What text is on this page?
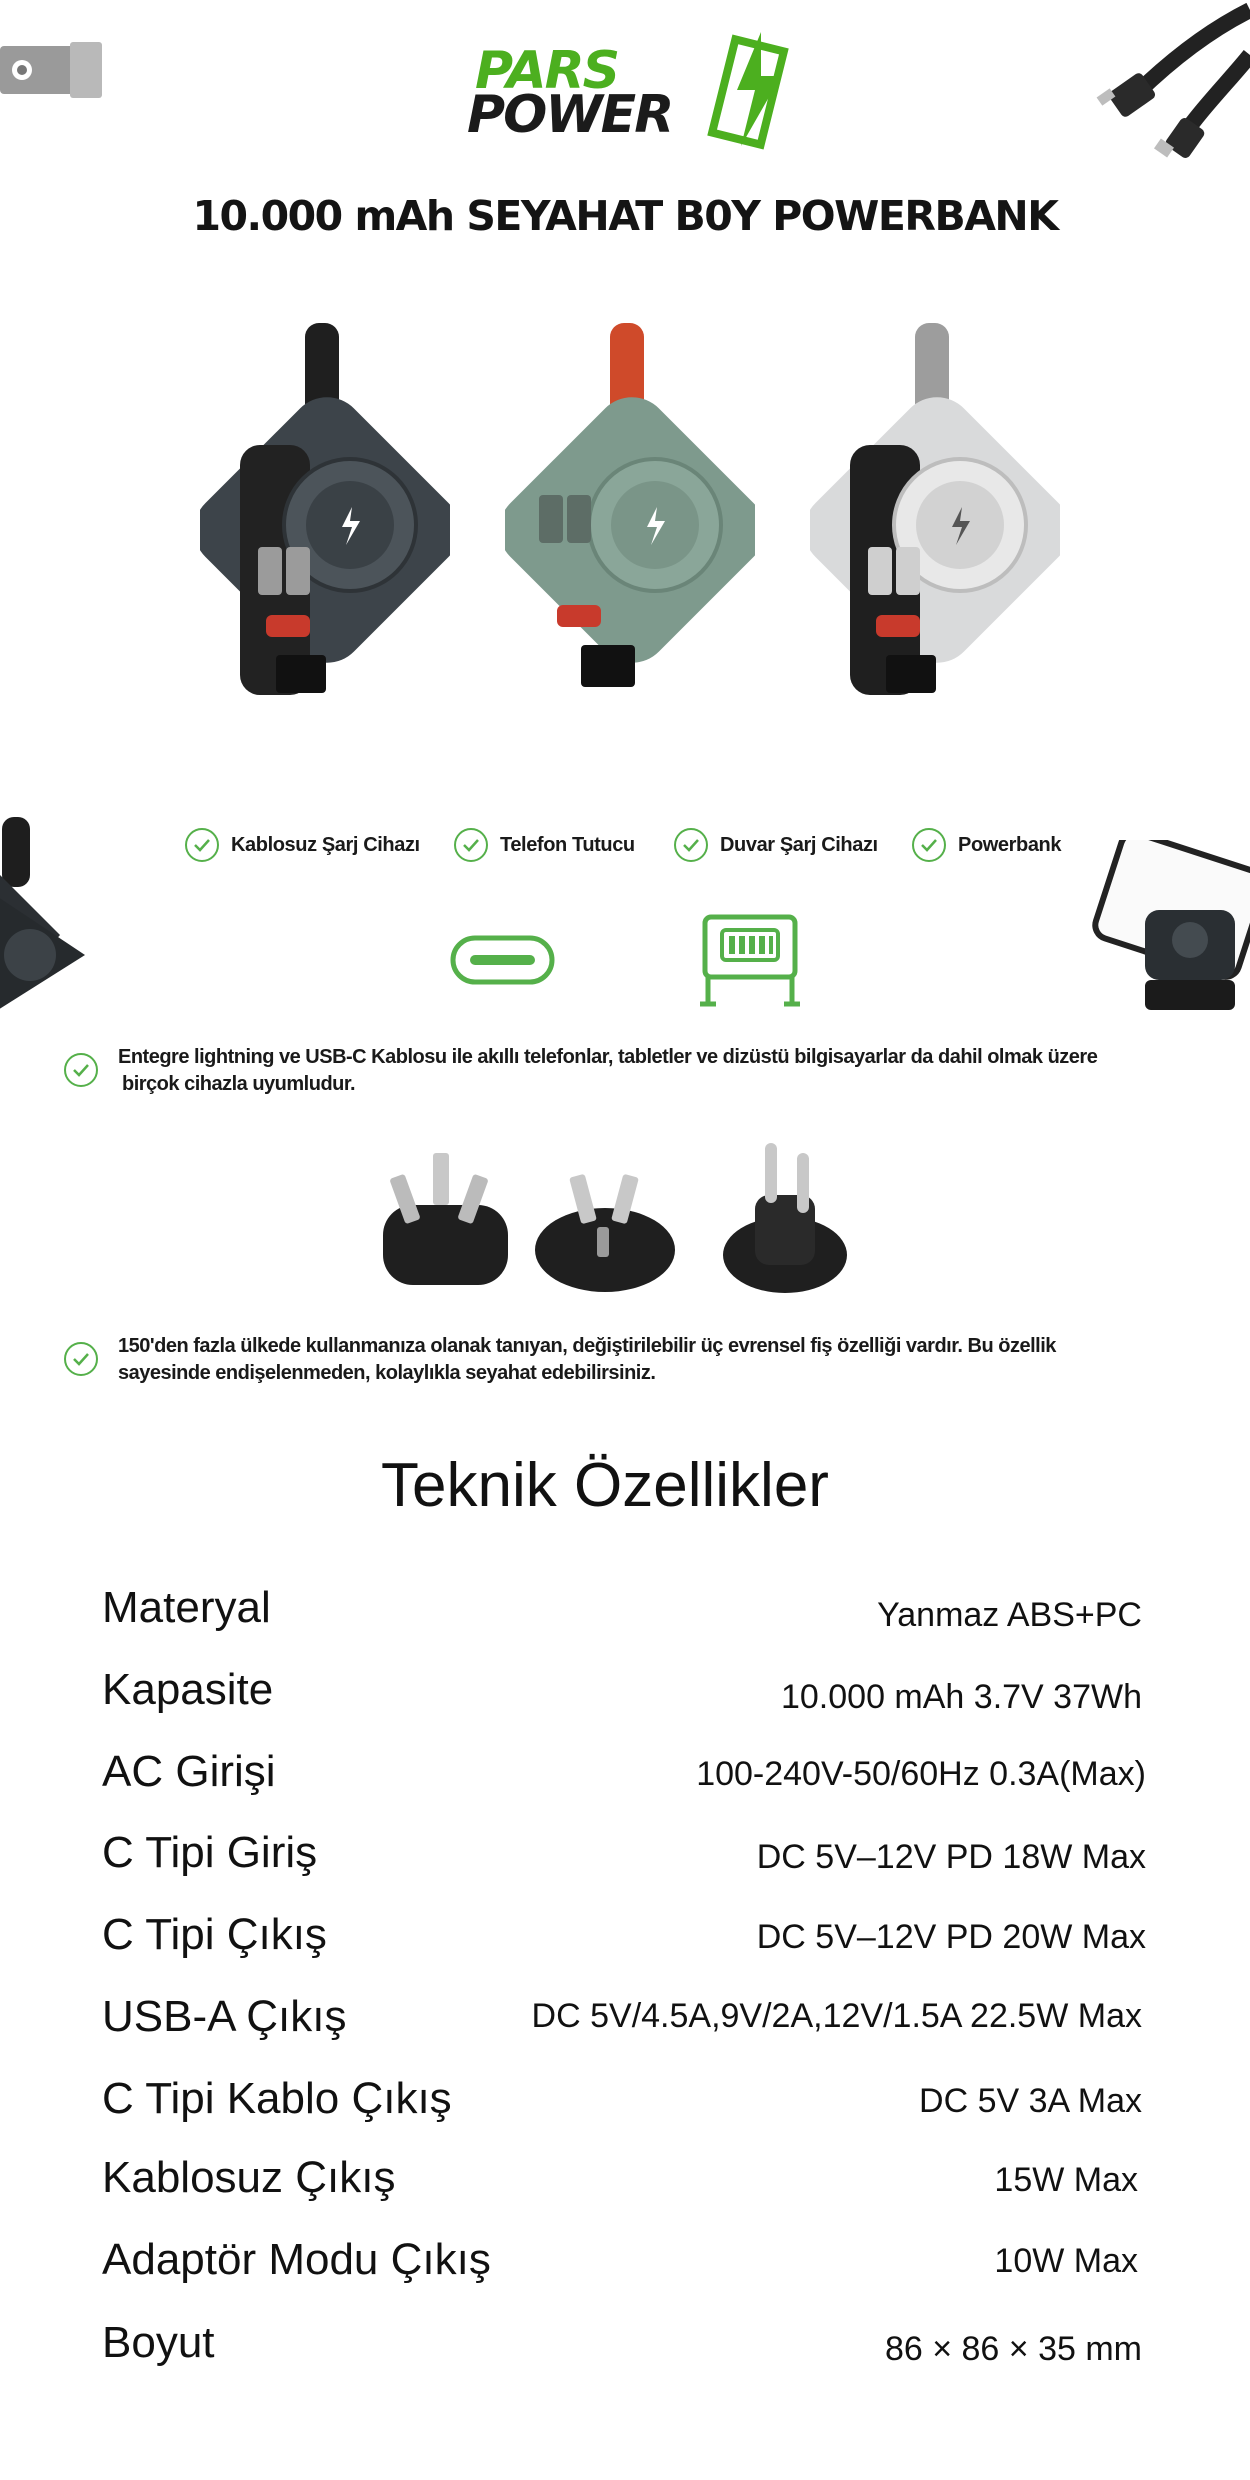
PARS
POWER
10.000 mAh SEYAHAT B0Y POWERBANK
Kablosuz Şarj Cihazı	Telefon Tutucu	Duvar Şarj Cihazı	Powerbank
Entegre lightning ve USB-C Kablosu ile akıllı telefonlar, tabletler ve dizüstü bilgisayarlar da dahil olmak üzere
birçok cihazla uyumludur.
150'den fazla ülkede kullanmanıza olanak tanıyan, değiştirilebilir üç evrensel fiş özelliği vardır. Bu özellik
sayesinde endişelenmeden, kolaylıkla seyahat edebilirsiniz.
Teknik Özellikler
Materyal	Yanmaz ABS+PC
Kapasite	10.000 mAh 3.7V 37Wh
AC Girişi	100-240V-50/60Hz 0.3A(Max)
C Tipi Giriş	DC 5V–12V PD 18W Max
C Tipi Çıkış	DC 5V–12V PD 20W Max
USB-A Çıkış	DC 5V/4.5A,9V/2A,12V/1.5A 22.5W Max
C Tipi Kablo Çıkış	DC 5V 3A Max
Kablosuz Çıkış	15W Max
Adaptör Modu Çıkış	10W Max
Boyut	86 × 86 × 35 mm
